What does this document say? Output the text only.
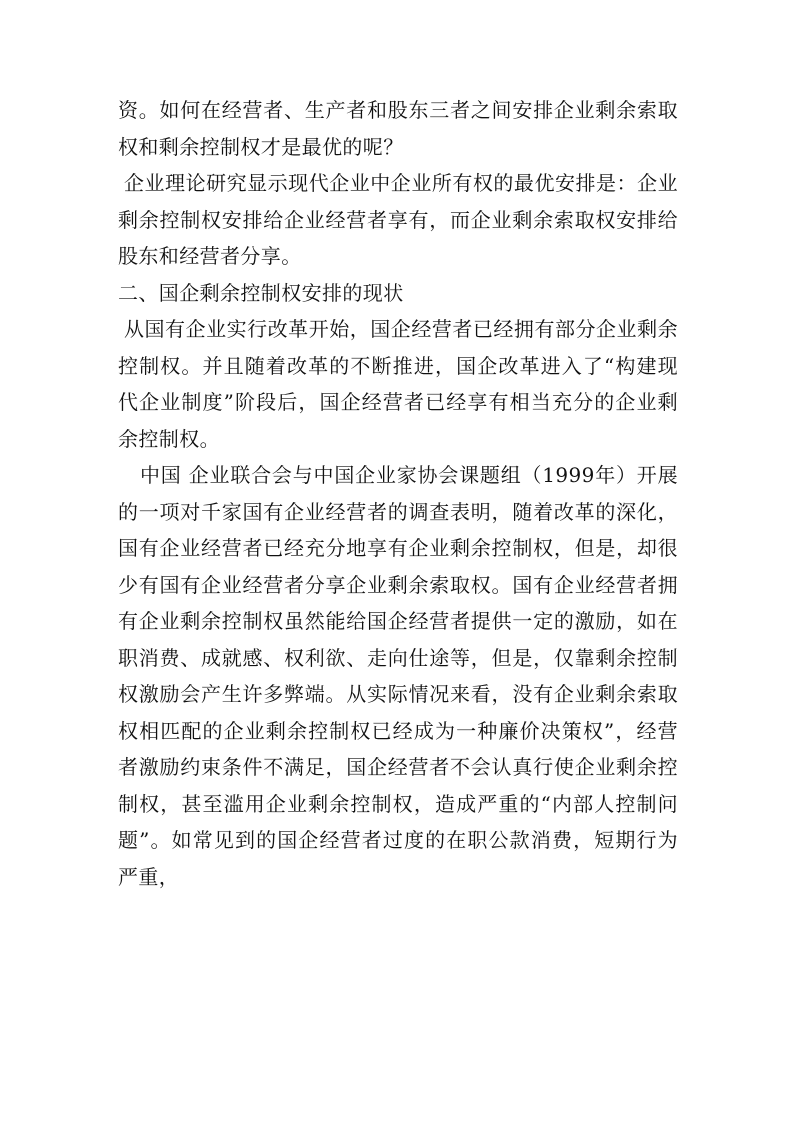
资。如何在经营者、生产者和股东三者之间安排企业剩余索取权和剩余控制权才是最优的呢？

企业理论研究显示现代企业中企业所有权的最优安排是：企业剩余控制权安排给企业经营者享有，而企业剩余索取权安排给股东和经营者分享。

二、国企剩余控制权安排的现状

从国有企业实行改革开始，国企经营者已经拥有部分企业剩余控制权。并且随着改革的不断推进，国企改革进入了“构建现代企业制度”阶段后，国企经营者已经享有相当充分的企业剩余控制权。

中国 企业联合会与中国企业家协会课题组（1999年）开展的一项对千家国有企业经营者的调查表明，随着改革的深化，国有企业经营者已经充分地享有企业剩余控制权，但是，却很少有国有企业经营者分享企业剩余索取权。国有企业经营者拥有企业剩余控制权虽然能给国企经营者提供一定的激励，如在职消费、成就感、权利欲、走向仕途等，但是，仅靠剩余控制权激励会产生许多弊端。从实际情况来看，没有企业剩余索取权相匹配的企业剩余控制权已经成为一种廉价决策权”，经营者激励约束条件不满足，国企经营者不会认真行使企业剩余控制权，甚至滥用企业剩余控制权，造成严重的“内部人控制问题”。如常见到的国企经营者过度的在职公款消费，短期行为严重，
